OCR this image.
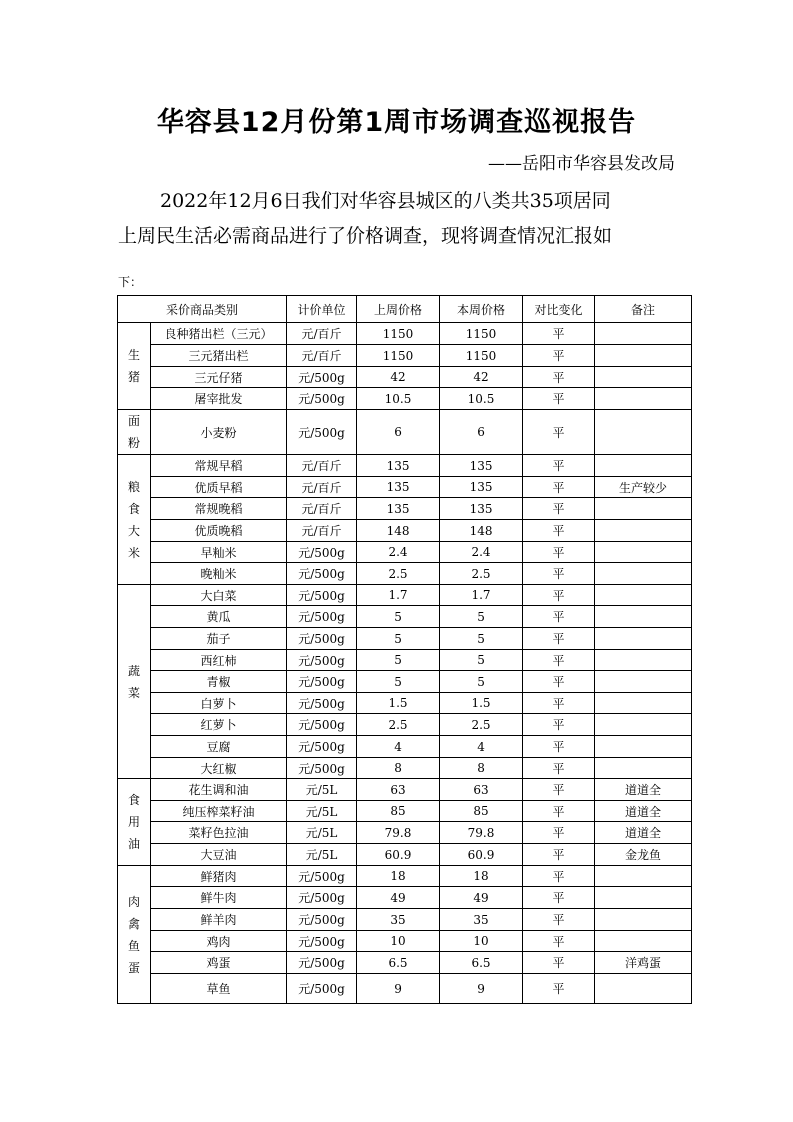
华容县12月份第1周市场调查巡视报告
——岳阳市华容县发改局
2022年12月6日我们对华容县城区的八类共35项居同
上周民生活必需商品进行了价格调查，现将调查情况汇报如
下：
采价商品类别		计价单位	上周价格	本周价格	对比变化	备注

生
猪	良种猪出栏（三元）	元/百斤	1150	1150	平	
	三元猪出栏	元/百斤	1150	1150	平	
	三元仔猪	元/500g	42	42	平	
	屠宰批发	元/500g	10.5	10.5	平	

面
粉	小麦粉	元/500g	6	6	平	

粮
食
大
米	常规早稻	元/百斤	135	135	平	
	优质早稻	元/百斤	135	135	平	生产较少
	常规晚稻	元/百斤	135	135	平	
	优质晚稻	元/百斤	148	148	平	
	早籼米	元/500g	2.4	2.4	平	
	晚籼米	元/500g	2.5	2.5	平	

蔬
菜	大白菜	元/500g	1.7	1.7	平	
	黄瓜	元/500g	5	5	平	
	茄子	元/500g	5	5	平	
	西红柿	元/500g	5	5	平	
	青椒	元/500g	5	5	平	
	白萝卜	元/500g	1.5	1.5	平	
	红萝卜	元/500g	2.5	2.5	平	
	豆腐	元/500g	4	4	平	
	大红椒	元/500g	8	8	平	

食
用
油	花生调和油	元/5L	63	63	平	道道全
	纯压榨菜籽油	元/5L	85	85	平	道道全
	菜籽色拉油	元/5L	79.8	79.8	平	道道全
	大豆油	元/5L	60.9	60.9	平	金龙鱼

肉
禽
鱼
蛋	鲜猪肉	元/500g	18	18	平	
	鲜牛肉	元/500g	49	49	平	
	鲜羊肉	元/500g	35	35	平	
	鸡肉	元/500g	10	10	平	
	鸡蛋	元/500g	6.5	6.5	平	洋鸡蛋
	草鱼	元/500g	9	9	平	
